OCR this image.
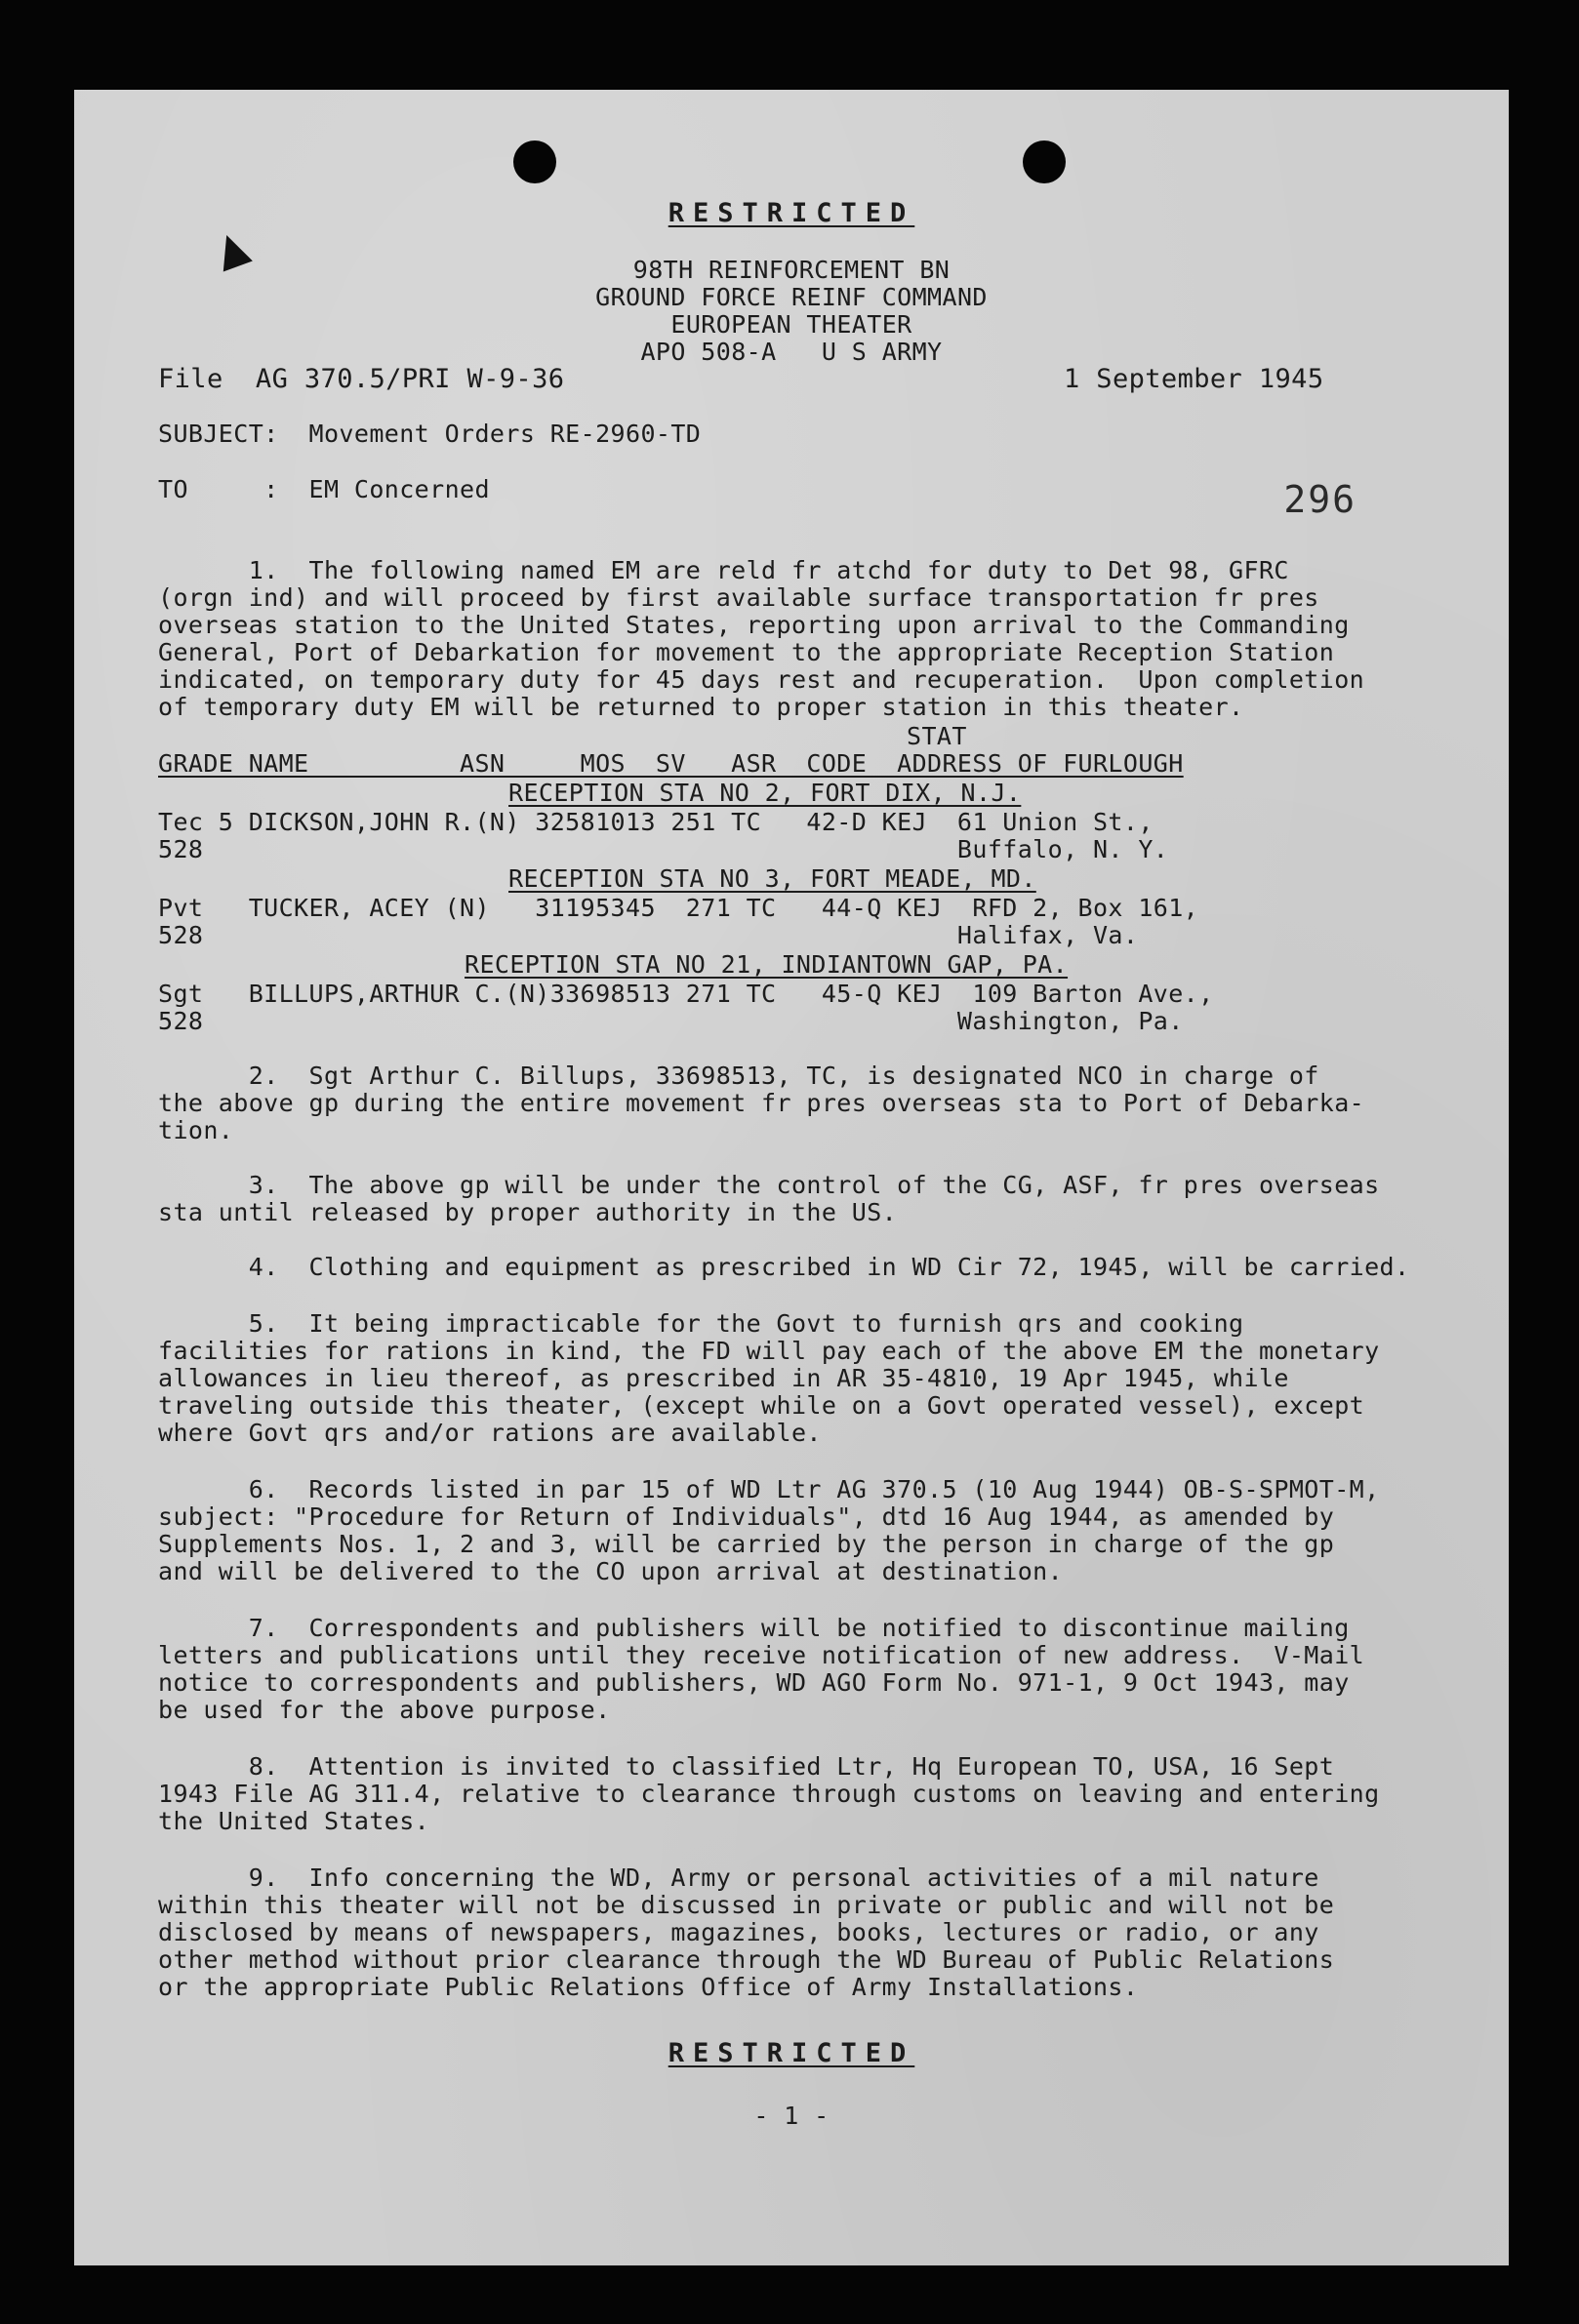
RESTRICTED
98TH REINFORCEMENT BN
GROUND FORCE REINF COMMAND
EUROPEAN THEATER
APO 508-A   U S ARMY
File  AG 370.5/PRI W-9-36	1 September 1945
SUBJECT:  Movement Orders RE-2960-TD
TO     :  EM Concerned	296
1.  The following named EM are reld fr atchd for duty to Det 98, GFRC
(orgn ind) and will proceed by first available surface transportation fr pres
overseas station to the United States, reporting upon arrival to the Commanding
General, Port of Debarkation for movement to the appropriate Reception Station
indicated, on temporary duty for 45 days rest and recuperation.  Upon completion
of temporary duty EM will be returned to proper station in this theater.
STAT
GRADE NAME          ASN     MOS  SV   ASR  CODE  ADDRESS OF FURLOUGH
RECEPTION STA NO 2, FORT DIX, N.J.
Tec 5 DICKSON,JOHN R.(N) 32581013 251 TC   42-D KEJ  61 Union St.,
528                                                  Buffalo, N. Y.
RECEPTION STA NO 3, FORT MEADE, MD.
Pvt   TUCKER, ACEY (N)   31195345  271 TC   44-Q KEJ  RFD 2, Box 161,
528                                                  Halifax, Va.
RECEPTION STA NO 21, INDIANTOWN GAP, PA.
Sgt   BILLUPS,ARTHUR C.(N)33698513 271 TC   45-Q KEJ  109 Barton Ave.,
528                                                  Washington, Pa.
2.  Sgt Arthur C. Billups, 33698513, TC, is designated NCO in charge of
the above gp during the entire movement fr pres overseas sta to Port of Debarka-
tion.
3.  The above gp will be under the control of the CG, ASF, fr pres overseas
sta until released by proper authority in the US.
4.  Clothing and equipment as prescribed in WD Cir 72, 1945, will be carried.
5.  It being impracticable for the Govt to furnish qrs and cooking
facilities for rations in kind, the FD will pay each of the above EM the monetary
allowances in lieu thereof, as prescribed in AR 35-4810, 19 Apr 1945, while
traveling outside this theater, (except while on a Govt operated vessel), except
where Govt qrs and/or rations are available.
6.  Records listed in par 15 of WD Ltr AG 370.5 (10 Aug 1944) OB-S-SPMOT-M,
subject: "Procedure for Return of Individuals", dtd 16 Aug 1944, as amended by
Supplements Nos. 1, 2 and 3, will be carried by the person in charge of the gp
and will be delivered to the CO upon arrival at destination.
7.  Correspondents and publishers will be notified to discontinue mailing
letters and publications until they receive notification of new address.  V-Mail
notice to correspondents and publishers, WD AGO Form No. 971-1, 9 Oct 1943, may
be used for the above purpose.
8.  Attention is invited to classified Ltr, Hq European TO, USA, 16 Sept
1943 File AG 311.4, relative to clearance through customs on leaving and entering
the United States.
9.  Info concerning the WD, Army or personal activities of a mil nature
within this theater will not be discussed in private or public and will not be
disclosed by means of newspapers, magazines, books, lectures or radio, or any
other method without prior clearance through the WD Bureau of Public Relations
or the appropriate Public Relations Office of Army Installations.
RESTRICTED
- 1 -
